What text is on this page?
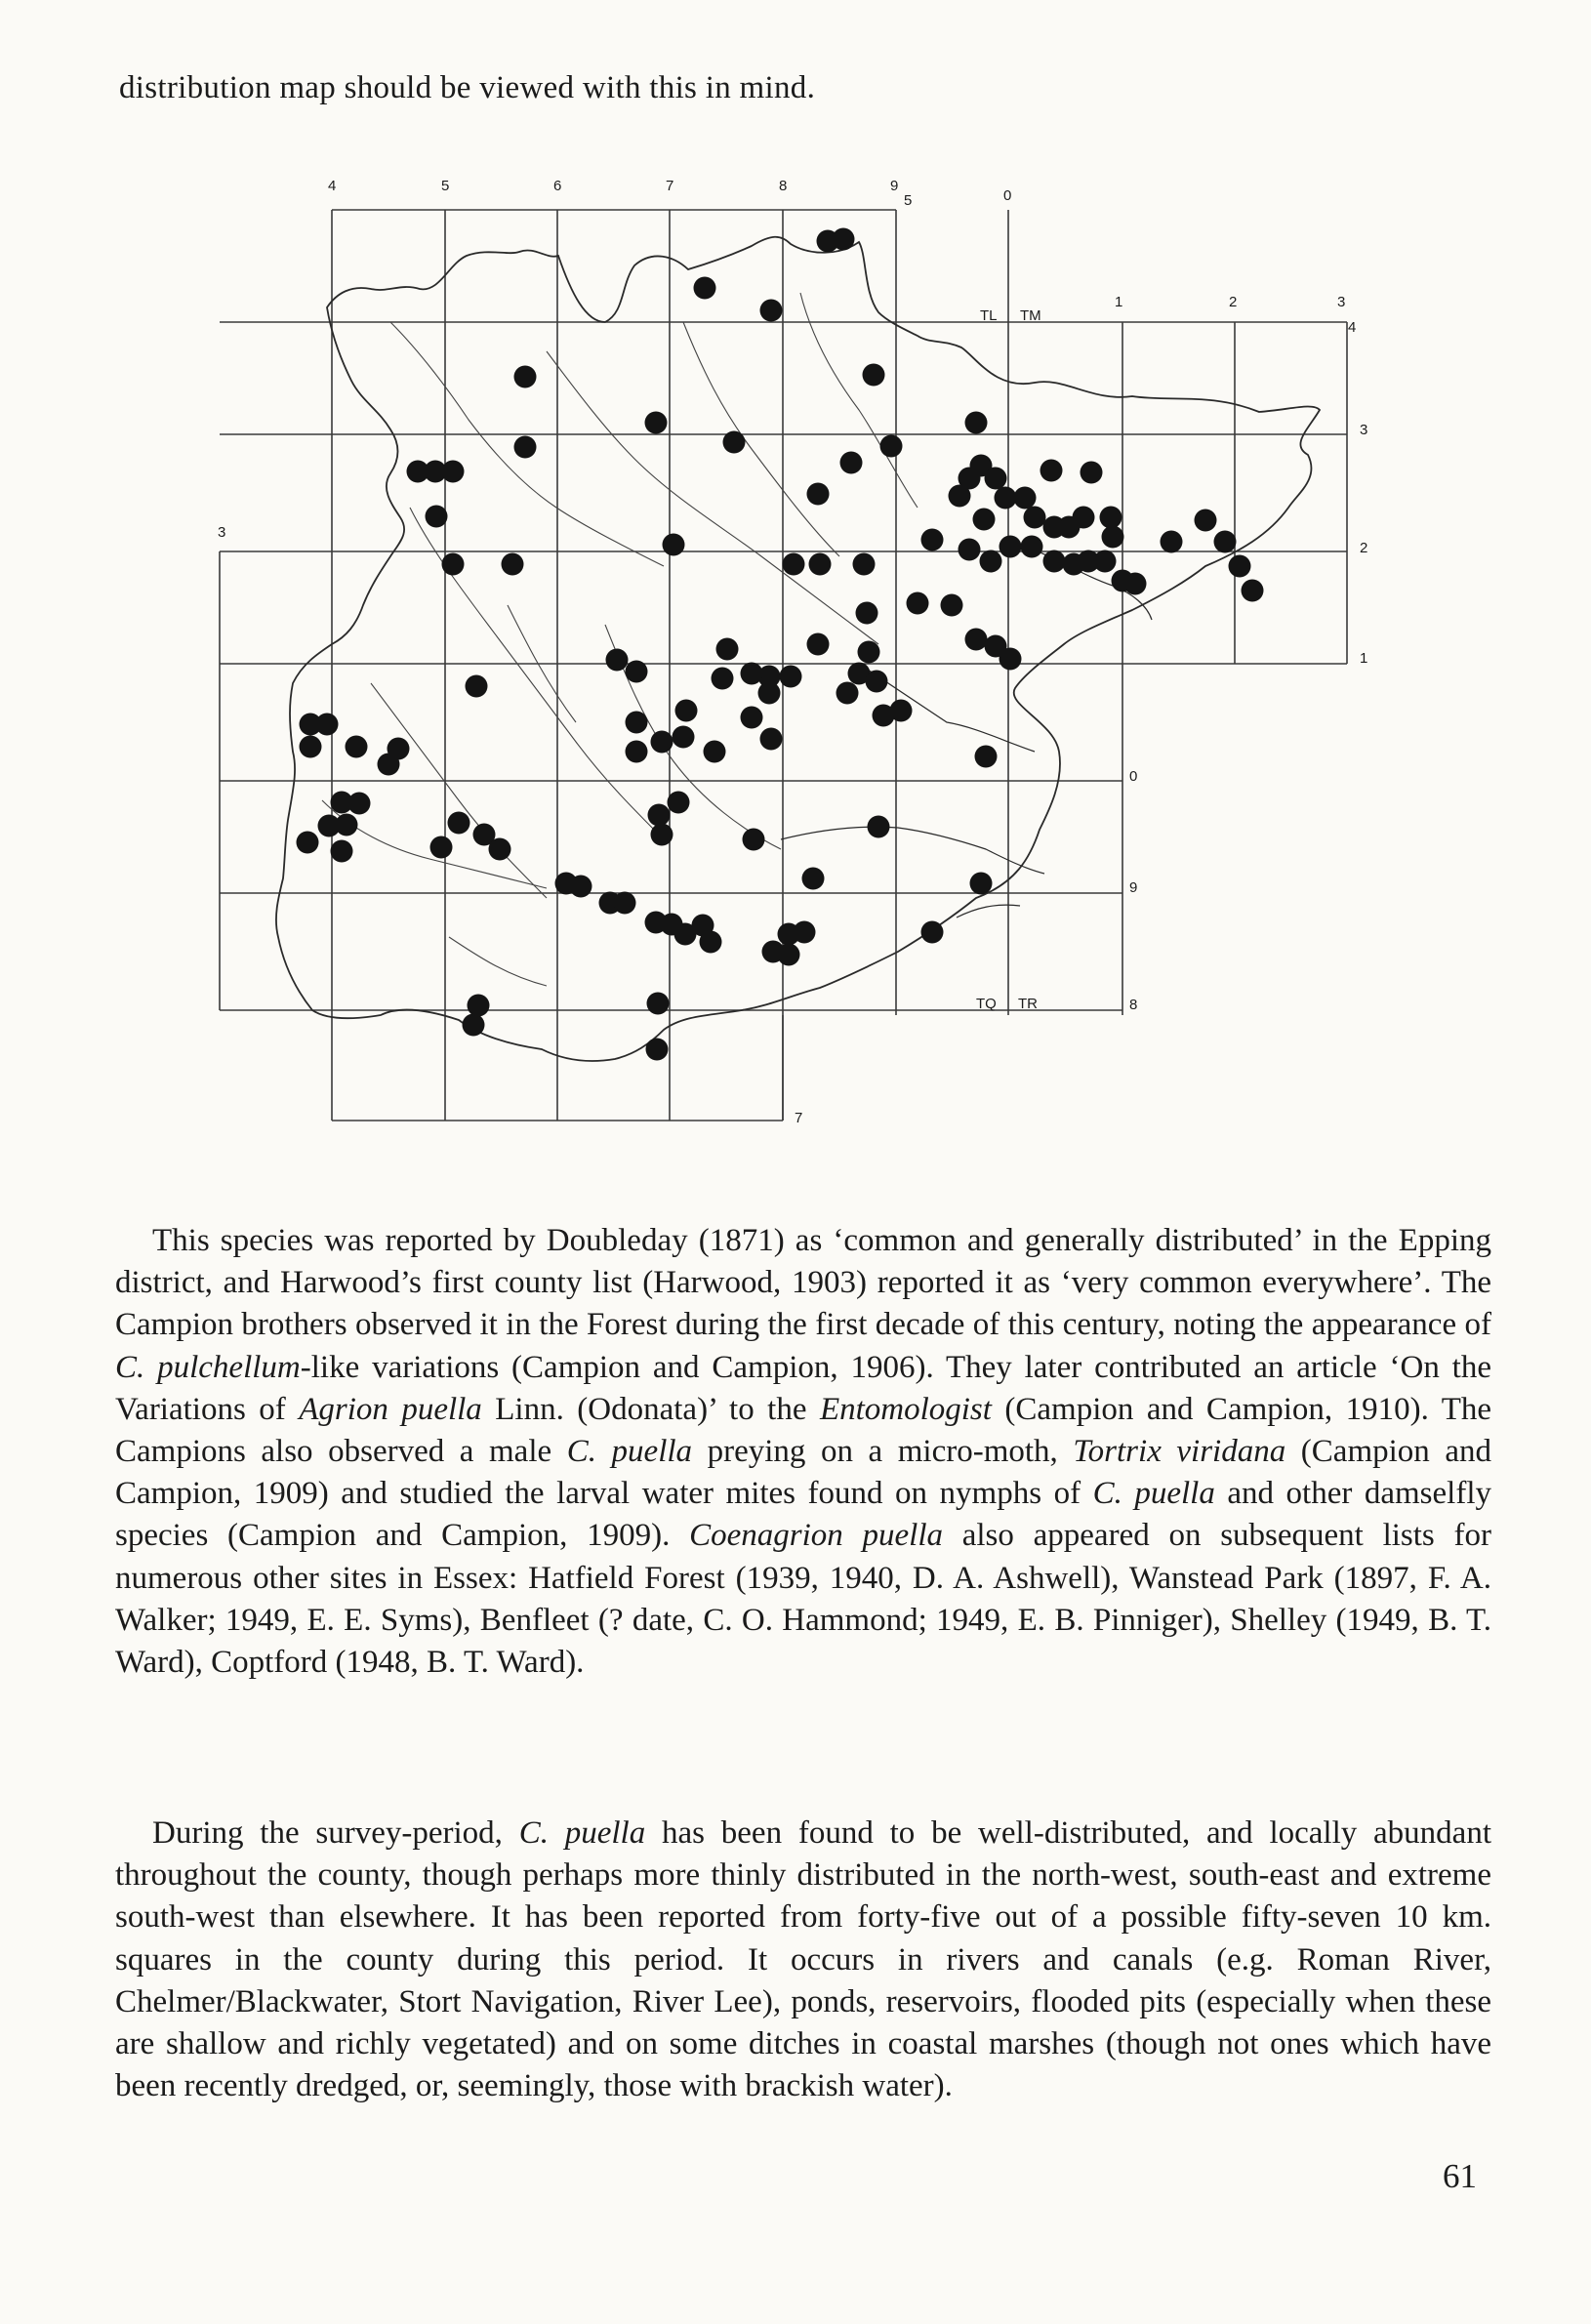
distribution map should be viewed with this in mind.
4	5	6	7	8	9
5	0
TL TM
TQ TR
1	2	3
4
3
2
1
0
9
8
3
7

This species was reported by Doubleday (1871) as ‘common and generally distributed’ in the Epping district, and Harwood’s first county list (Harwood, 1903) reported it as ‘very common everywhere’. The Campion brothers observed it in the Forest during the first decade of this century, noting the appearance of C. pulchellum-like variations (Campion and Campion, 1906). They later contributed an article ‘On the Variations of Agrion puella Linn. (Odonata)’ to the Entomologist (Campion and Campion, 1910). The Campions also observed a male C. puella preying on a micro-moth, Tortrix viridana (Campion and Campion, 1909) and studied the larval water mites found on nymphs of C. puella and other damselfly species (Campion and Campion, 1909). Coenagrion puella also appeared on subsequent lists for numerous other sites in Essex: Hatfield Forest (1939, 1940, D. A. Ashwell), Wanstead Park (1897, F. A. Walker; 1949, E. E. Syms), Benfleet (? date, C. O. Hammond; 1949, E. B. Pinniger), Shelley (1949, B. T. Ward), Coptford (1948, B. T. Ward).

During the survey-period, C. puella has been found to be well-distributed, and locally abundant throughout the county, though perhaps more thinly distributed in the north-west, south-east and extreme south-west than elsewhere. It has been reported from forty-five out of a possible fifty-seven 10 km. squares in the county during this period. It occurs in rivers and canals (e.g. Roman River, Chelmer/Blackwater, Stort Navigation, River Lee), ponds, reservoirs, flooded pits (especially when these are shallow and richly vegetated) and on some ditches in coastal marshes (though not ones which have been recently dredged, or, seemingly, those with brackish water).

61
